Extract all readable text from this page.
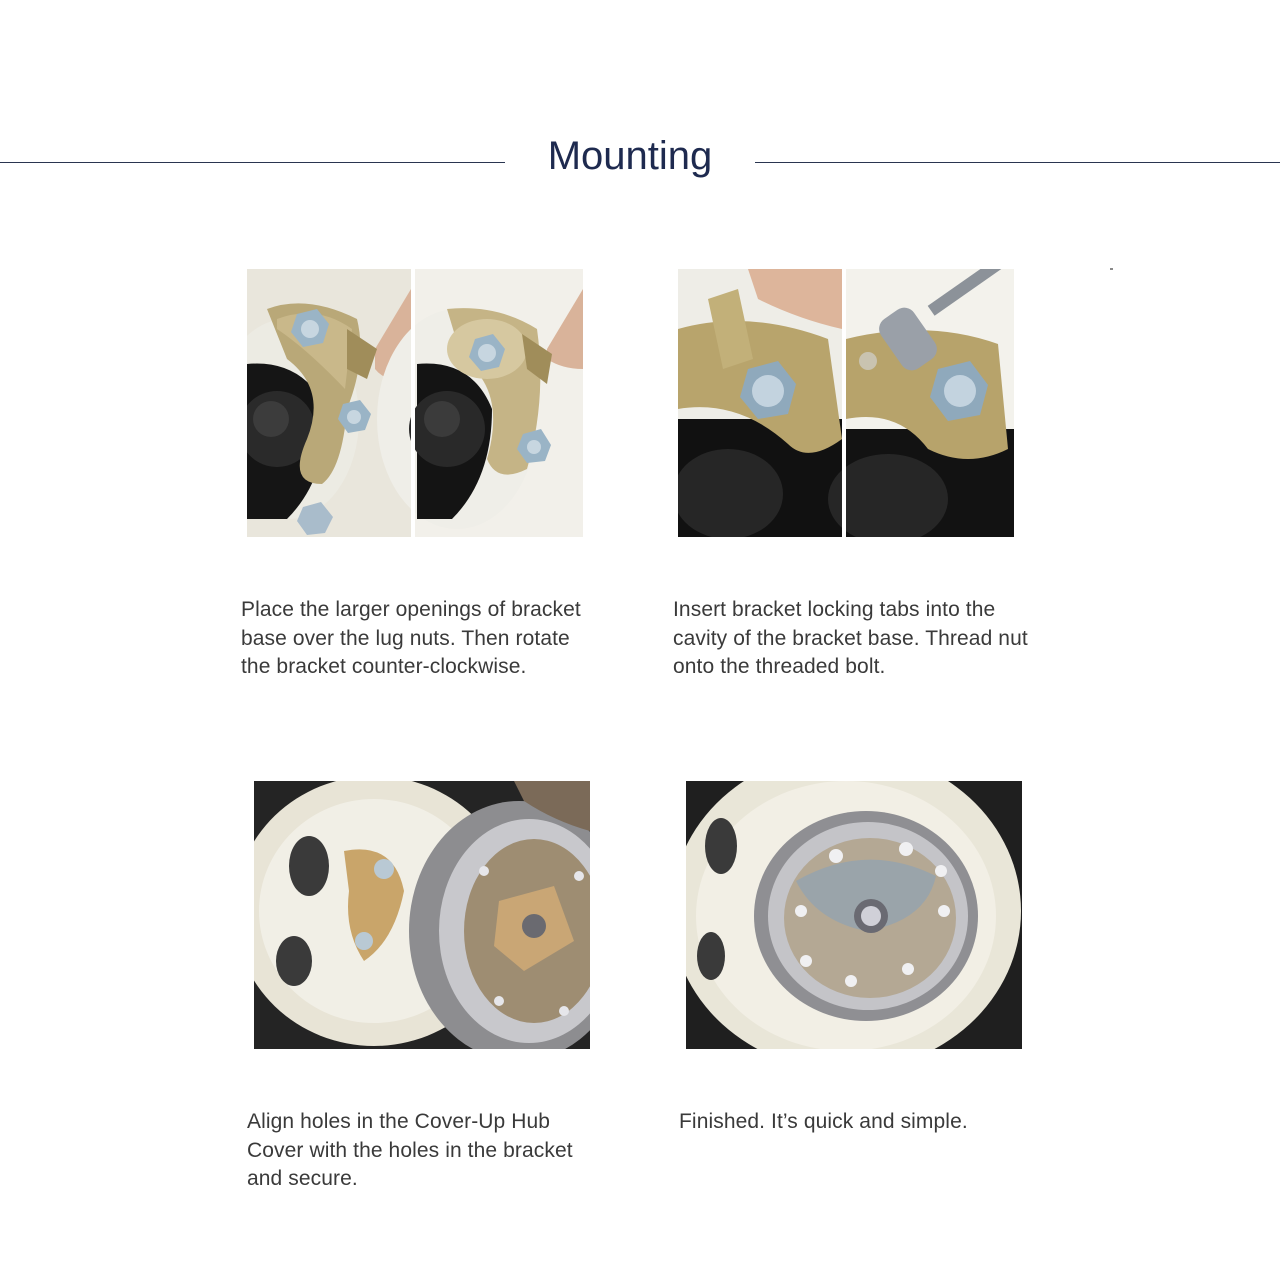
Mounting

Place the larger openings of bracket base over the lug nuts. Then rotate the bracket counter-clockwise.

Insert bracket locking tabs into the cavity of the bracket base. Thread nut onto the threaded bolt.

Align holes in the Cover-Up Hub Cover with the holes in the bracket and secure.

Finished. It’s quick and simple.
